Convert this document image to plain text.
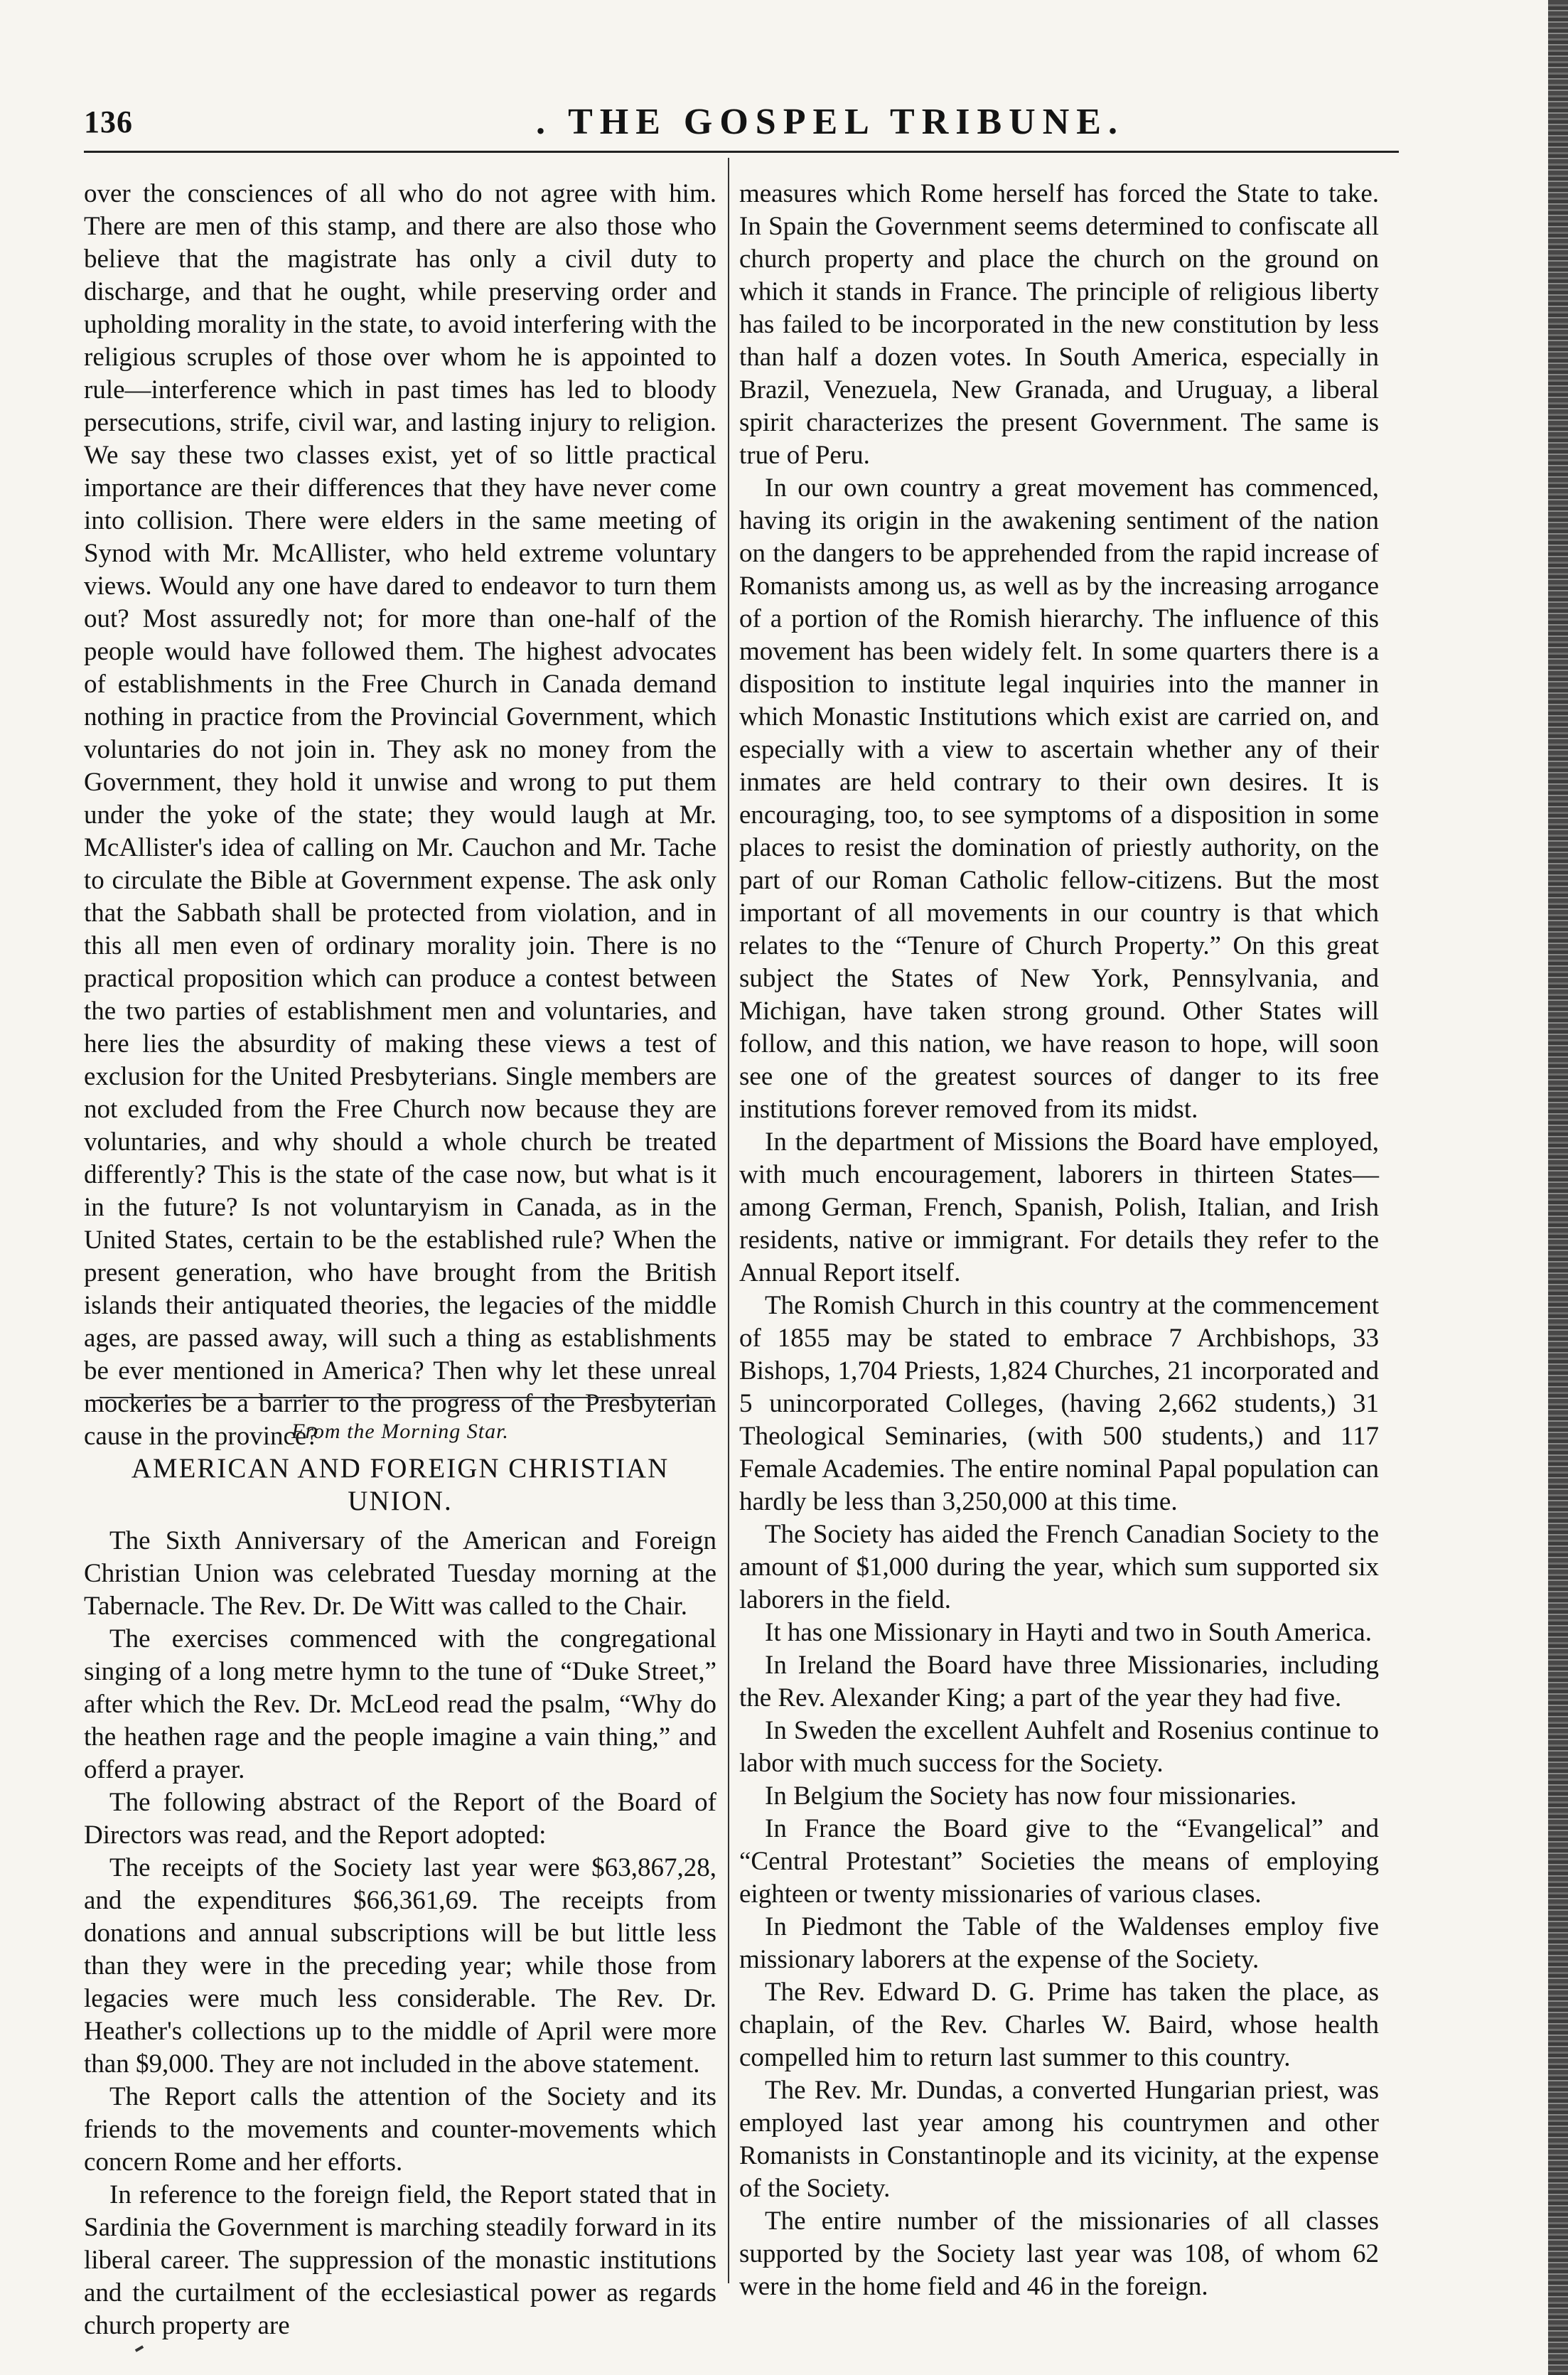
136	. THE GOSPEL TRIBUNE.

over the consciences of all who do not agree with him. There are men of this stamp, and there are also those who believe that the magistrate has only a civil duty to discharge, and that he ought, while preserving order and upholding morality in the state, to avoid interfering with the religious scruples of those over whom he is appointed to rule—interference which in past times has led to bloody persecutions, strife, civil war, and lasting injury to religion. We say these two classes exist, yet of so little practical importance are their differences that they have never come into collision. There were elders in the same meeting of Synod with Mr. McAllister, who held extreme voluntary views. Would any one have dared to endeavor to turn them out? Most assuredly not; for more than one-half of the people would have followed them. The highest advocates of establishments in the Free Church in Canada demand nothing in practice from the Provincial Government, which voluntaries do not join in. They ask no money from the Government, they hold it unwise and wrong to put them under the yoke of the state; they would laugh at Mr. McAllister's idea of calling on Mr. Cauchon and Mr. Tache to circulate the Bible at Government expense. The ask only that the Sabbath shall be protected from violation, and in this all men even of ordinary morality join. There is no practical proposition which can produce a contest between the two parties of establishment men and voluntaries, and here lies the absurdity of making these views a test of exclusion for the United Presbyterians. Single members are not excluded from the Free Church now because they are voluntaries, and why should a whole church be treated differently? This is the state of the case now, but what is it in the future? Is not voluntaryism in Canada, as in the United States, certain to be the established rule? When the present generation, who have brought from the British islands their antiquated theories, the legacies of the middle ages, are passed away, will such a thing as establishments be ever mentioned in America? Then why let these unreal mockeries be a barrier to the progress of the Presbyterian cause in the province?

From the Morning Star.
AMERICAN AND FOREIGN CHRISTIAN UNION.

The Sixth Anniversary of the American and Foreign Christian Union was celebrated Tuesday morning at the Tabernacle. The Rev. Dr. De Witt was called to the Chair.

The exercises commenced with the congregational singing of a long metre hymn to the tune of “Duke Street,” after which the Rev. Dr. McLeod read the psalm, “Why do the heathen rage and the people imagine a vain thing,” and offerd a prayer.

The following abstract of the Report of the Board of Directors was read, and the Report adopted:

The receipts of the Society last year were $63,867,28, and the expenditures $66,361,69. The receipts from donations and annual subscriptions will be but little less than they were in the preceding year; while those from legacies were much less considerable. The Rev. Dr. Heather's collections up to the middle of April were more than $9,000. They are not included in the above statement.

The Report calls the attention of the Society and its friends to the movements and counter-movements which concern Rome and her efforts.

In reference to the foreign field, the Report stated that in Sardinia the Government is marching steadily forward in its liberal career. The suppression of the monastic institutions and the curtailment of the ecclesiastical power as regards church property are

measures which Rome herself has forced the State to take. In Spain the Government seems determined to confiscate all church property and place the church on the ground on which it stands in France. The principle of religious liberty has failed to be incorporated in the new constitution by less than half a dozen votes. In South America, especially in Brazil, Venezuela, New Granada, and Uruguay, a liberal spirit characterizes the present Government. The same is true of Peru.

In our own country a great movement has commenced, having its origin in the awakening sentiment of the nation on the dangers to be apprehended from the rapid increase of Romanists among us, as well as by the increasing arrogance of a portion of the Romish hierarchy. The influence of this movement has been widely felt. In some quarters there is a disposition to institute legal inquiries into the manner in which Monastic Institutions which exist are carried on, and especially with a view to ascertain whether any of their inmates are held contrary to their own desires. It is encouraging, too, to see symptoms of a disposition in some places to resist the domination of priestly authority, on the part of our Roman Catholic fellow-citizens. But the most important of all movements in our country is that which relates to the “Tenure of Church Property.” On this great subject the States of New York, Pennsylvania, and Michigan, have taken strong ground. Other States will follow, and this nation, we have reason to hope, will soon see one of the greatest sources of danger to its free institutions forever removed from its midst.

In the department of Missions the Board have employed, with much encouragement, laborers in thirteen States—among German, French, Spanish, Polish, Italian, and Irish residents, native or immigrant. For details they refer to the Annual Report itself.

The Romish Church in this country at the commencement of 1855 may be stated to embrace 7 Archbishops, 33 Bishops, 1,704 Priests, 1,824 Churches, 21 incorporated and 5 unincorporated Colleges, (having 2,662 students,) 31 Theological Seminaries, (with 500 students,) and 117 Female Academies. The entire nominal Papal population can hardly be less than 3,250,000 at this time.

The Society has aided the French Canadian Society to the amount of $1,000 during the year, which sum supported six laborers in the field.

It has one Missionary in Hayti and two in South America.

In Ireland the Board have three Missionaries, including the Rev. Alexander King; a part of the year they had five.

In Sweden the excellent Auhfelt and Rosenius continue to labor with much success for the Society.

In Belgium the Society has now four missionaries.

In France the Board give to the “Evangelical” and “Central Protestant” Societies the means of employing eighteen or twenty missionaries of various clases.

In Piedmont the Table of the Waldenses employ five missionary laborers at the expense of the Society.

The Rev. Edward D. G. Prime has taken the place, as chaplain, of the Rev. Charles W. Baird, whose health compelled him to return last summer to this country.

The Rev. Mr. Dundas, a converted Hungarian priest, was employed last year among his countrymen and other Romanists in Constantinople and its vicinity, at the expense of the Society.

The entire number of the missionaries of all classes supported by the Society last year was 108, of whom 62 were in the home field and 46 in the foreign.
